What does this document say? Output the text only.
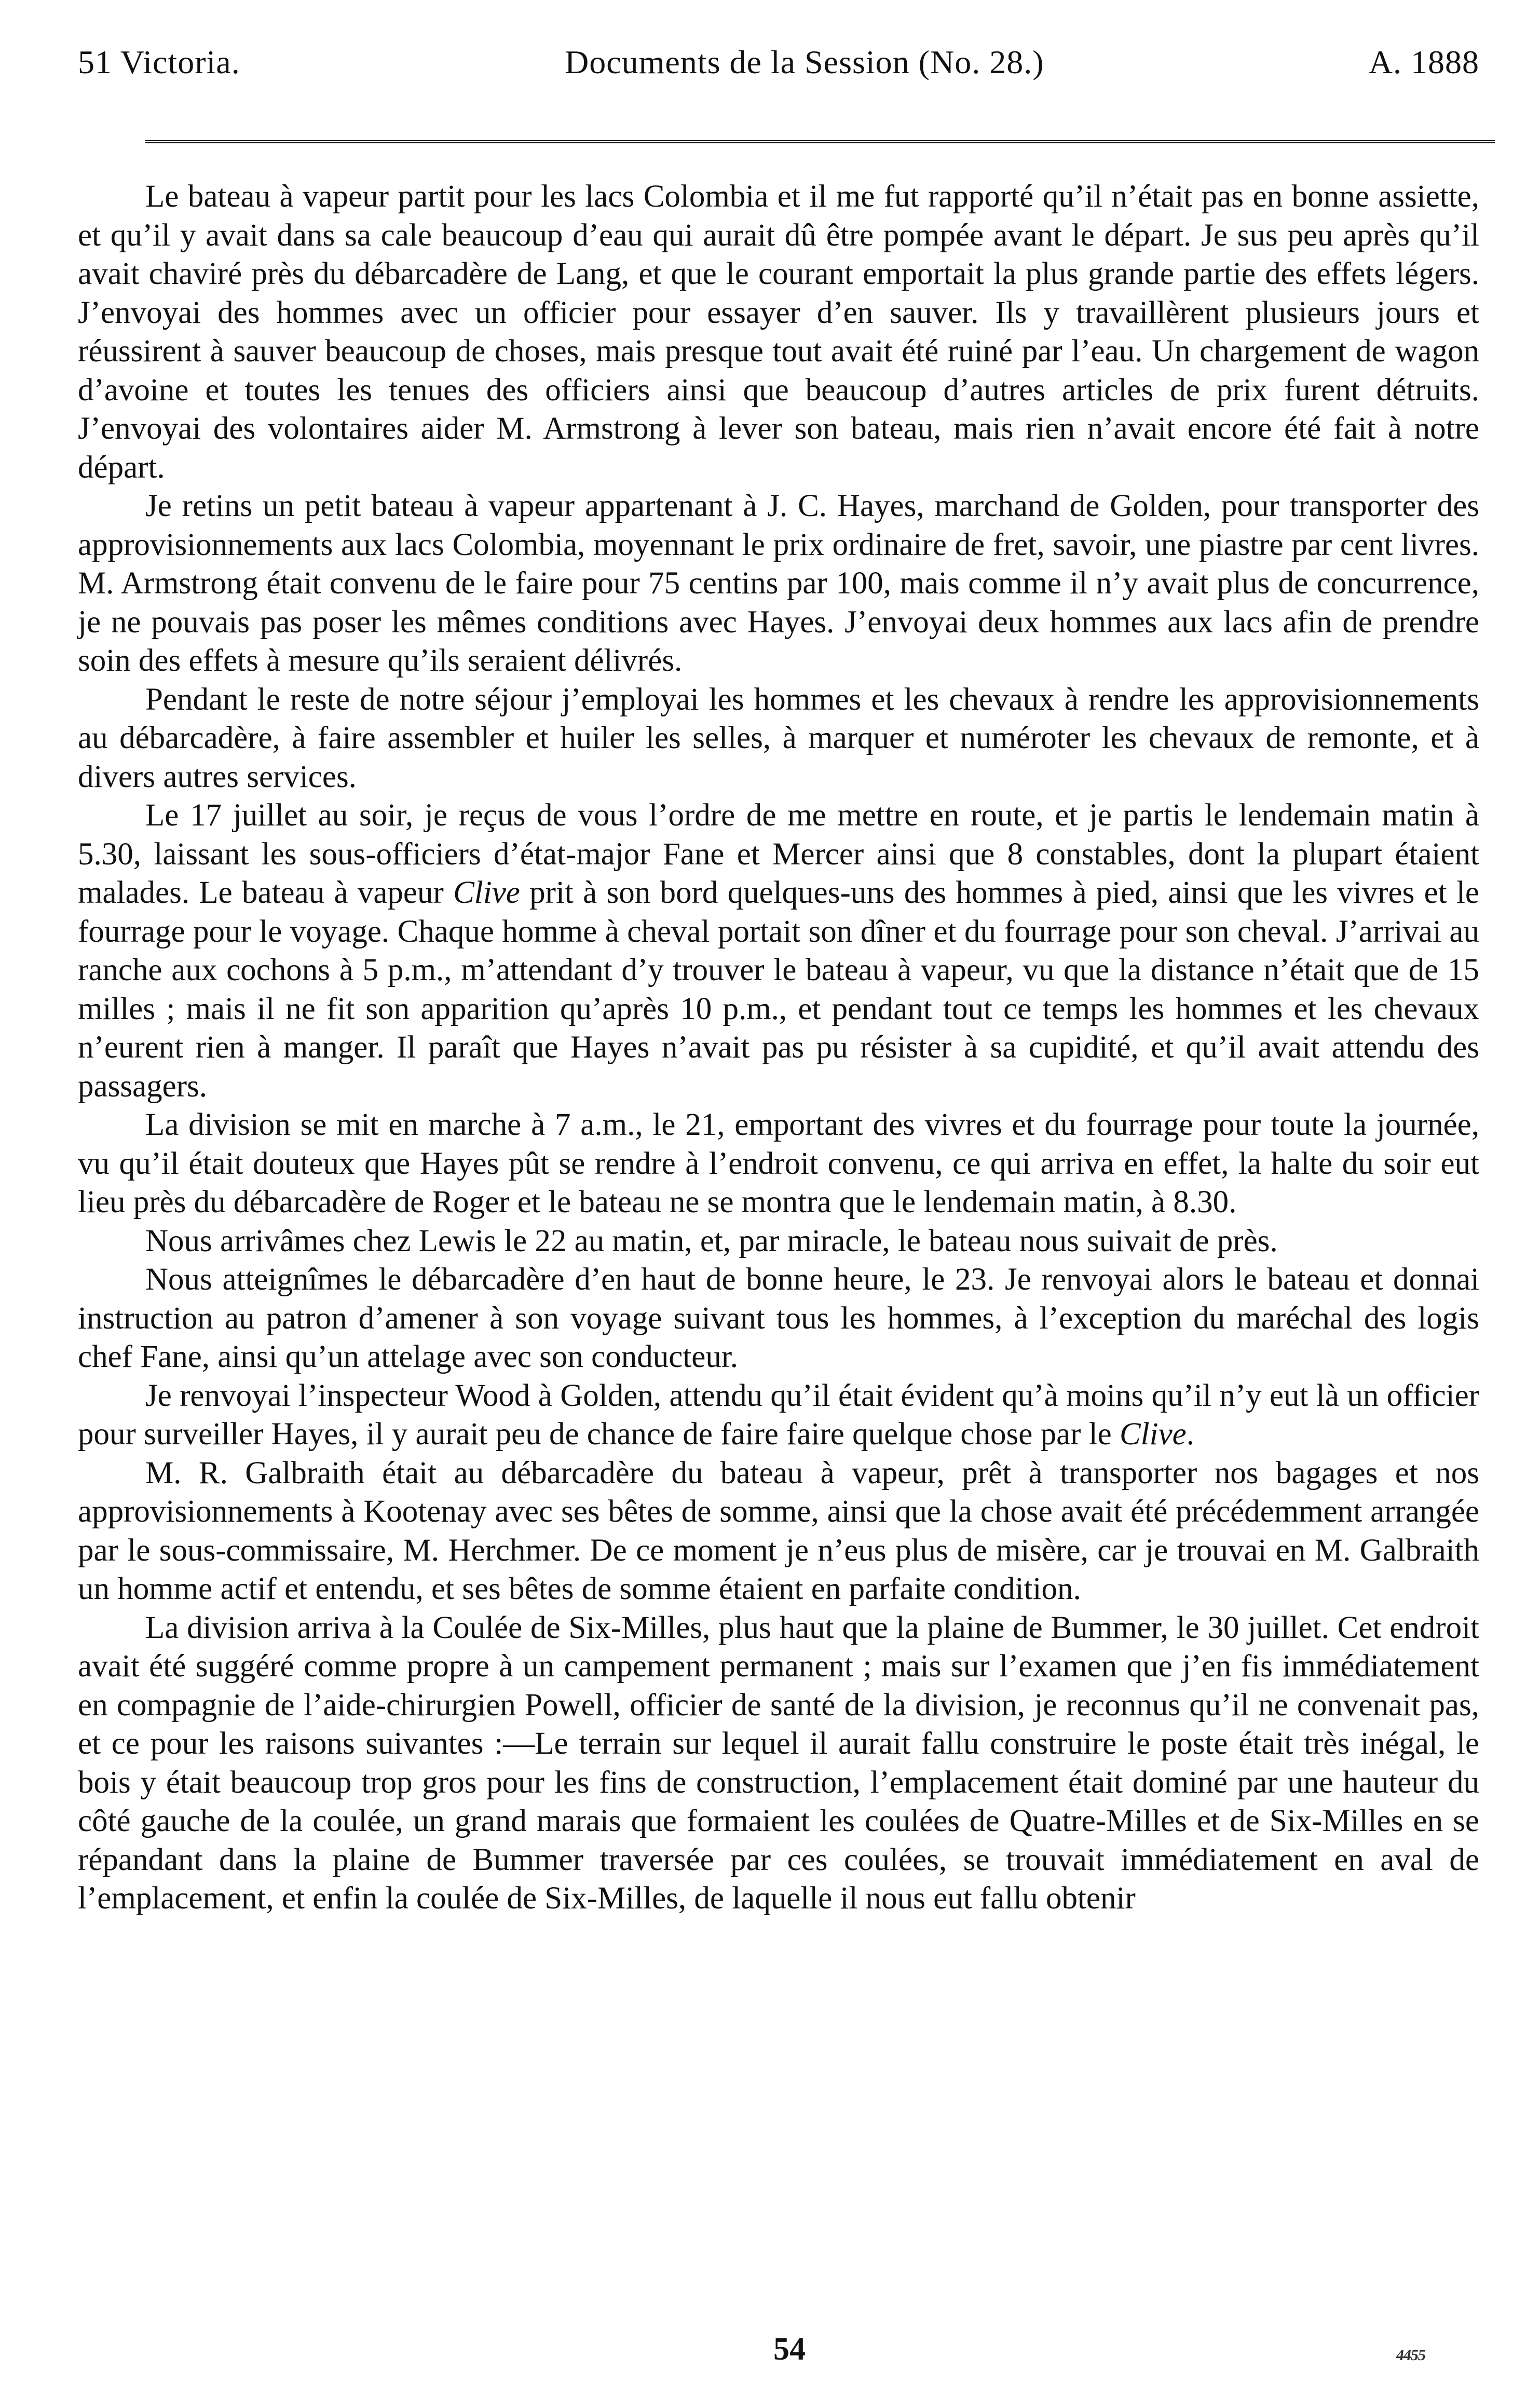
51 Victoria.	Documents de la Session (No. 28.)	A. 1888

Le bateau à vapeur partit pour les lacs Colombia et il me fut rapporté qu’il n’était pas en bonne assiette, et qu’il y avait dans sa cale beaucoup d’eau qui aurait dû être pompée avant le départ. Je sus peu après qu’il avait chaviré près du débarcadère de Lang, et que le courant emportait la plus grande partie des effets légers. J’envoyai des hommes avec un officier pour essayer d’en sauver. Ils y travaillèrent plusieurs jours et réussirent à sauver beaucoup de choses, mais presque tout avait été ruiné par l’eau. Un chargement de wagon d’avoine et toutes les tenues des officiers ainsi que beaucoup d’autres articles de prix furent détruits. J’envoyai des volontaires aider M. Armstrong à lever son bateau, mais rien n’avait encore été fait à notre départ.

Je retins un petit bateau à vapeur appartenant à J. C. Hayes, marchand de Golden, pour transporter des approvisionnements aux lacs Colombia, moyennant le prix ordinaire de fret, savoir, une piastre par cent livres. M. Armstrong était convenu de le faire pour 75 centins par 100, mais comme il n’y avait plus de concurrence, je ne pouvais pas poser les mêmes conditions avec Hayes. J’envoyai deux hommes aux lacs afin de prendre soin des effets à mesure qu’ils seraient délivrés.

Pendant le reste de notre séjour j’employai les hommes et les chevaux à rendre les approvisionnements au débarcadère, à faire assembler et huiler les selles, à marquer et numéroter les chevaux de remonte, et à divers autres services.

Le 17 juillet au soir, je reçus de vous l’ordre de me mettre en route, et je partis le lendemain matin à 5.30, laissant les sous-officiers d’état-major Fane et Mercer ainsi que 8 constables, dont la plupart étaient malades. Le bateau à vapeur Clive prit à son bord quelques-uns des hommes à pied, ainsi que les vivres et le fourrage pour le voyage. Chaque homme à cheval portait son dîner et du fourrage pour son cheval. J’arrivai au ranche aux cochons à 5 p.m., m’attendant d’y trouver le bateau à vapeur, vu que la distance n’était que de 15 milles ; mais il ne fit son apparition qu’après 10 p.m., et pendant tout ce temps les hommes et les chevaux n’eurent rien à manger. Il paraît que Hayes n’avait pas pu résister à sa cupidité, et qu’il avait attendu des passagers.

La division se mit en marche à 7 a.m., le 21, emportant des vivres et du fourrage pour toute la journée, vu qu’il était douteux que Hayes pût se rendre à l’endroit convenu, ce qui arriva en effet, la halte du soir eut lieu près du débarcadère de Roger et le bateau ne se montra que le lendemain matin, à 8.30.

Nous arrivâmes chez Lewis le 22 au matin, et, par miracle, le bateau nous suivait de près.

Nous atteignîmes le débarcadère d’en haut de bonne heure, le 23. Je renvoyai alors le bateau et donnai instruction au patron d’amener à son voyage suivant tous les hommes, à l’exception du maréchal des logis chef Fane, ainsi qu’un attelage avec son conducteur.

Je renvoyai l’inspecteur Wood à Golden, attendu qu’il était évident qu’à moins qu’il n’y eut là un officier pour surveiller Hayes, il y aurait peu de chance de faire faire quelque chose par le Clive.

M. R. Galbraith était au débarcadère du bateau à vapeur, prêt à transporter nos bagages et nos approvisionnements à Kootenay avec ses bêtes de somme, ainsi que la chose avait été précédemment arrangée par le sous-commissaire, M. Herchmer. De ce moment je n’eus plus de misère, car je trouvai en M. Galbraith un homme actif et entendu, et ses bêtes de somme étaient en parfaite condition.

La division arriva à la Coulée de Six-Milles, plus haut que la plaine de Bummer, le 30 juillet. Cet endroit avait été suggéré comme propre à un campement permanent ; mais sur l’examen que j’en fis immédiatement en compagnie de l’aide-chirurgien Powell, officier de santé de la division, je reconnus qu’il ne convenait pas, et ce pour les raisons suivantes :—Le terrain sur lequel il aurait fallu construire le poste était très inégal, le bois y était beaucoup trop gros pour les fins de construction, l’emplacement était dominé par une hauteur du côté gauche de la coulée, un grand marais que formaient les coulées de Quatre-Milles et de Six-Milles en se répandant dans la plaine de Bummer traversée par ces coulées, se trouvait immédiatement en aval de l’emplacement, et enfin la coulée de Six-Milles, de laquelle il nous eut fallu obtenir

54	4455
